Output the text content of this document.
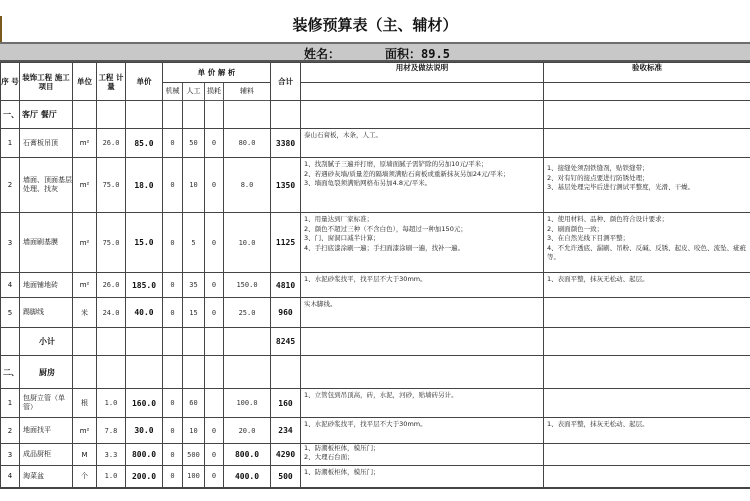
装修预算表（主、辅材）
姓名：	面积：89.5
序 号	装饰工程 施工项目	单位	工程 计量	单价	单 价 解 析				合计	用材及做法说明	验收标准
					机械	人工	损耗	辅料			
一、	客厅 餐厅										
1	石膏板吊顶	m²	26.0	85.0	0	50	0	80.0	3380	泰山石膏板，木条，人工。	

2	墙面、顶面基层处理、找灰	m²	75.0	18.0	0	10	0	8.0	1350	1、找刮腻子三遍并打磨，原墙面腻子需铲除的另加10元/平米；
2、若遇砂灰墙/质量差的隔墙须满贴石膏板或重新抹灰另加24元/平米；
3、墙面龟裂须满贴网格布另加4.8元/平米。	1、接缝处须刮铁缝剂，贴铁缝带；
2、对有钉的接点要进行防锈处理；
3、基层处理完毕后进行测试平整度，光滑、干燥。

3	墙面刷基膜	m²	75.0	15.0	0	5	0	10.0	1125	1、用量达到厂家标准；
2、颜色不超过三种（不含白色），每超过一种加150元；
3、门、窗洞口减半计算；
4、手扫底漆涂刷一遍；手扫面漆涂刷一遍，找补一遍。	1、使用材料、品种、颜色符合设计要求；
2、刷面颜色一致；
3、在自然光线下目测平整；
4、不允许透底、漏刷、吊粉、反碱、反锈、起皮、咬色、流坠、疵疵等。

4	地面铺地砖	m²	26.0	185.0	0	35	0	150.0	4810	1、水泥砂浆找平，找平层不大于30mm。	1、表面平整，抹灰无松动、起层。

5	踢脚线	米	24.0	40.0	0	15	0	25.0	960	实木脚线。	

	小计								8245		
二、	厨房										
1	包厨立管（单管）	根	1.0	160.0	0	60		100.0	160	1、立管包到吊顶高，砖，水泥，河砂，贴墙砖另计。	

2	地面找平	m²	7.8	30.0	0	10	0	20.0	234	1、水泥砂浆找平，找平层不大于30mm。	1、表面平整，抹灰无松动、起层。

3	成品厨柜	M	3.3	800.0	0	500	0	800.0	4290	1、防潮板柜体，模压门；
2、大理石台面；	

4	淘菜盆	个	1.0	200.0	0	100	0	400.0	500	1、防潮板柜体，模压门；	
